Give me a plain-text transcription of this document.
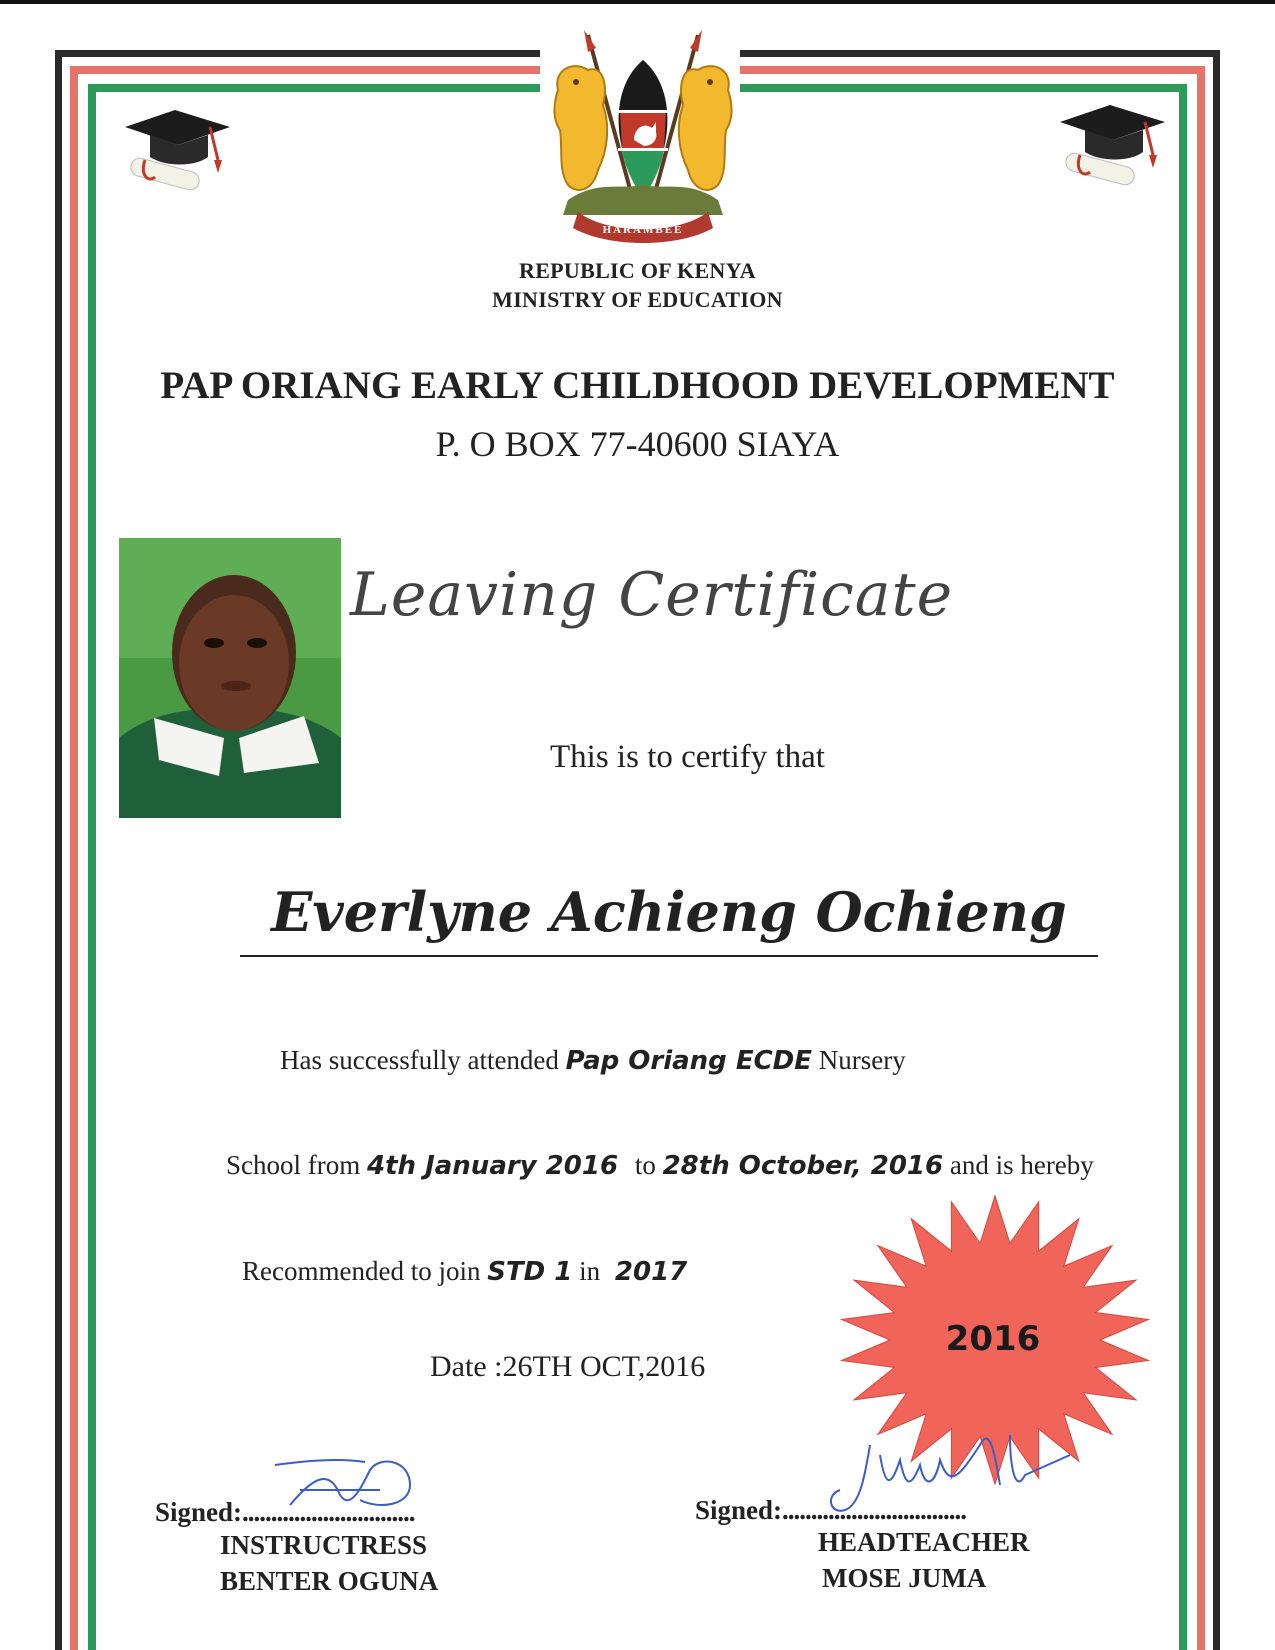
HARAMBEE
REPUBLIC OF KENYA
MINISTRY OF EDUCATION
PAP ORIANG EARLY CHILDHOOD DEVELOPMENT
P. O BOX 77-40600 SIAYA
Leaving Certificate
This is to certify that
Everlyne Achieng Ochieng
Has successfully attended Pap Oriang ECDE Nursery
School from 4th January 2016 to 28th October, 2016 and is hereby
Recommended to join STD 1 in 2017
Date :26TH OCT,2016
2016
Signed:..............................
INSTRUCTRESS
BENTER OGUNA
Signed:................................
HEADTEACHER
MOSE JUMA
